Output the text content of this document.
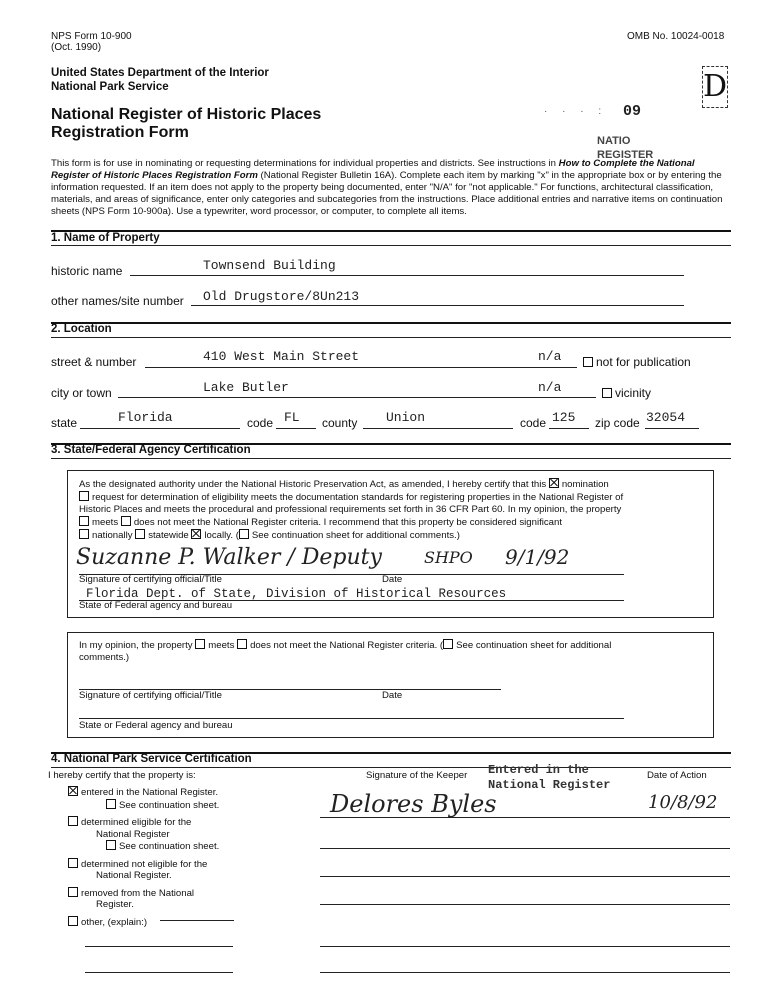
NPS Form 10-900
(Oct. 1990)
OMB No. 10024-0018
United States Department of the Interior
National Park Service
National Register of Historic Places
Registration Form
D
· · · : 09
NATIO
REGISTER
This form is for use in nominating or requesting determinations for individual properties and districts. See instructions in How to Complete the National Register of Historic Places Registration Form (National Register Bulletin 16A). Complete each item by marking "x" in the appropriate box or by entering the information requested. If an item does not apply to the property being documented, enter "N/A" for "not applicable." For functions, architectural classification, materials, and areas of significance, enter only categories and subcategories from the instructions. Place additional entries and narrative items on continuation sheets (NPS Form 10-900a). Use a typewriter, word processor, or computer, to complete all items.
1. Name of Property
historic name	Townsend Building
other names/site number Old Drugstore/8Un213
2. Location
street & number	410 West Main Street	n/a	not for publication
city or town	Lake Butler	n/a	vicinity
state	Florida	code FL county Union	code 125 zip code 32054
3. State/Federal Agency Certification
As the designated authority under the National Historic Preservation Act, as amended, I hereby certify that this nomination
request for determination of eligibility meets the documentation standards for registering properties in the National Register of
Historic Places and meets the procedural and professional requirements set forth in 36 CFR Part 60. In my opinion, the property
meets does not meet the National Register criteria. I recommend that this property be considered significant
nationally statewide locally. ( See continuation sheet for additional comments.)
Suzanne P. Walker / Deputy	SHPO 9/1/92
Signature of certifying official/Title	Date
Florida Dept. of State, Division of Historical Resources
State of Federal agency and bureau
In my opinion, the property meets does not meet the National Register criteria. ( See continuation sheet for additional
comments.)
Signature of certifying official/Title	Date
State or Federal agency and bureau
4. National Park Service Certification
I hereby certify that the property is:	Signature of the Keeper Entered in the
National Register
Date of Action
Delores Byles	10/8/92
entered in the National Register.
See continuation sheet.
determined eligible for the
National Register
See continuation sheet.
determined not eligible for the
National Register.
removed from the National
Register.
other, (explain:)
